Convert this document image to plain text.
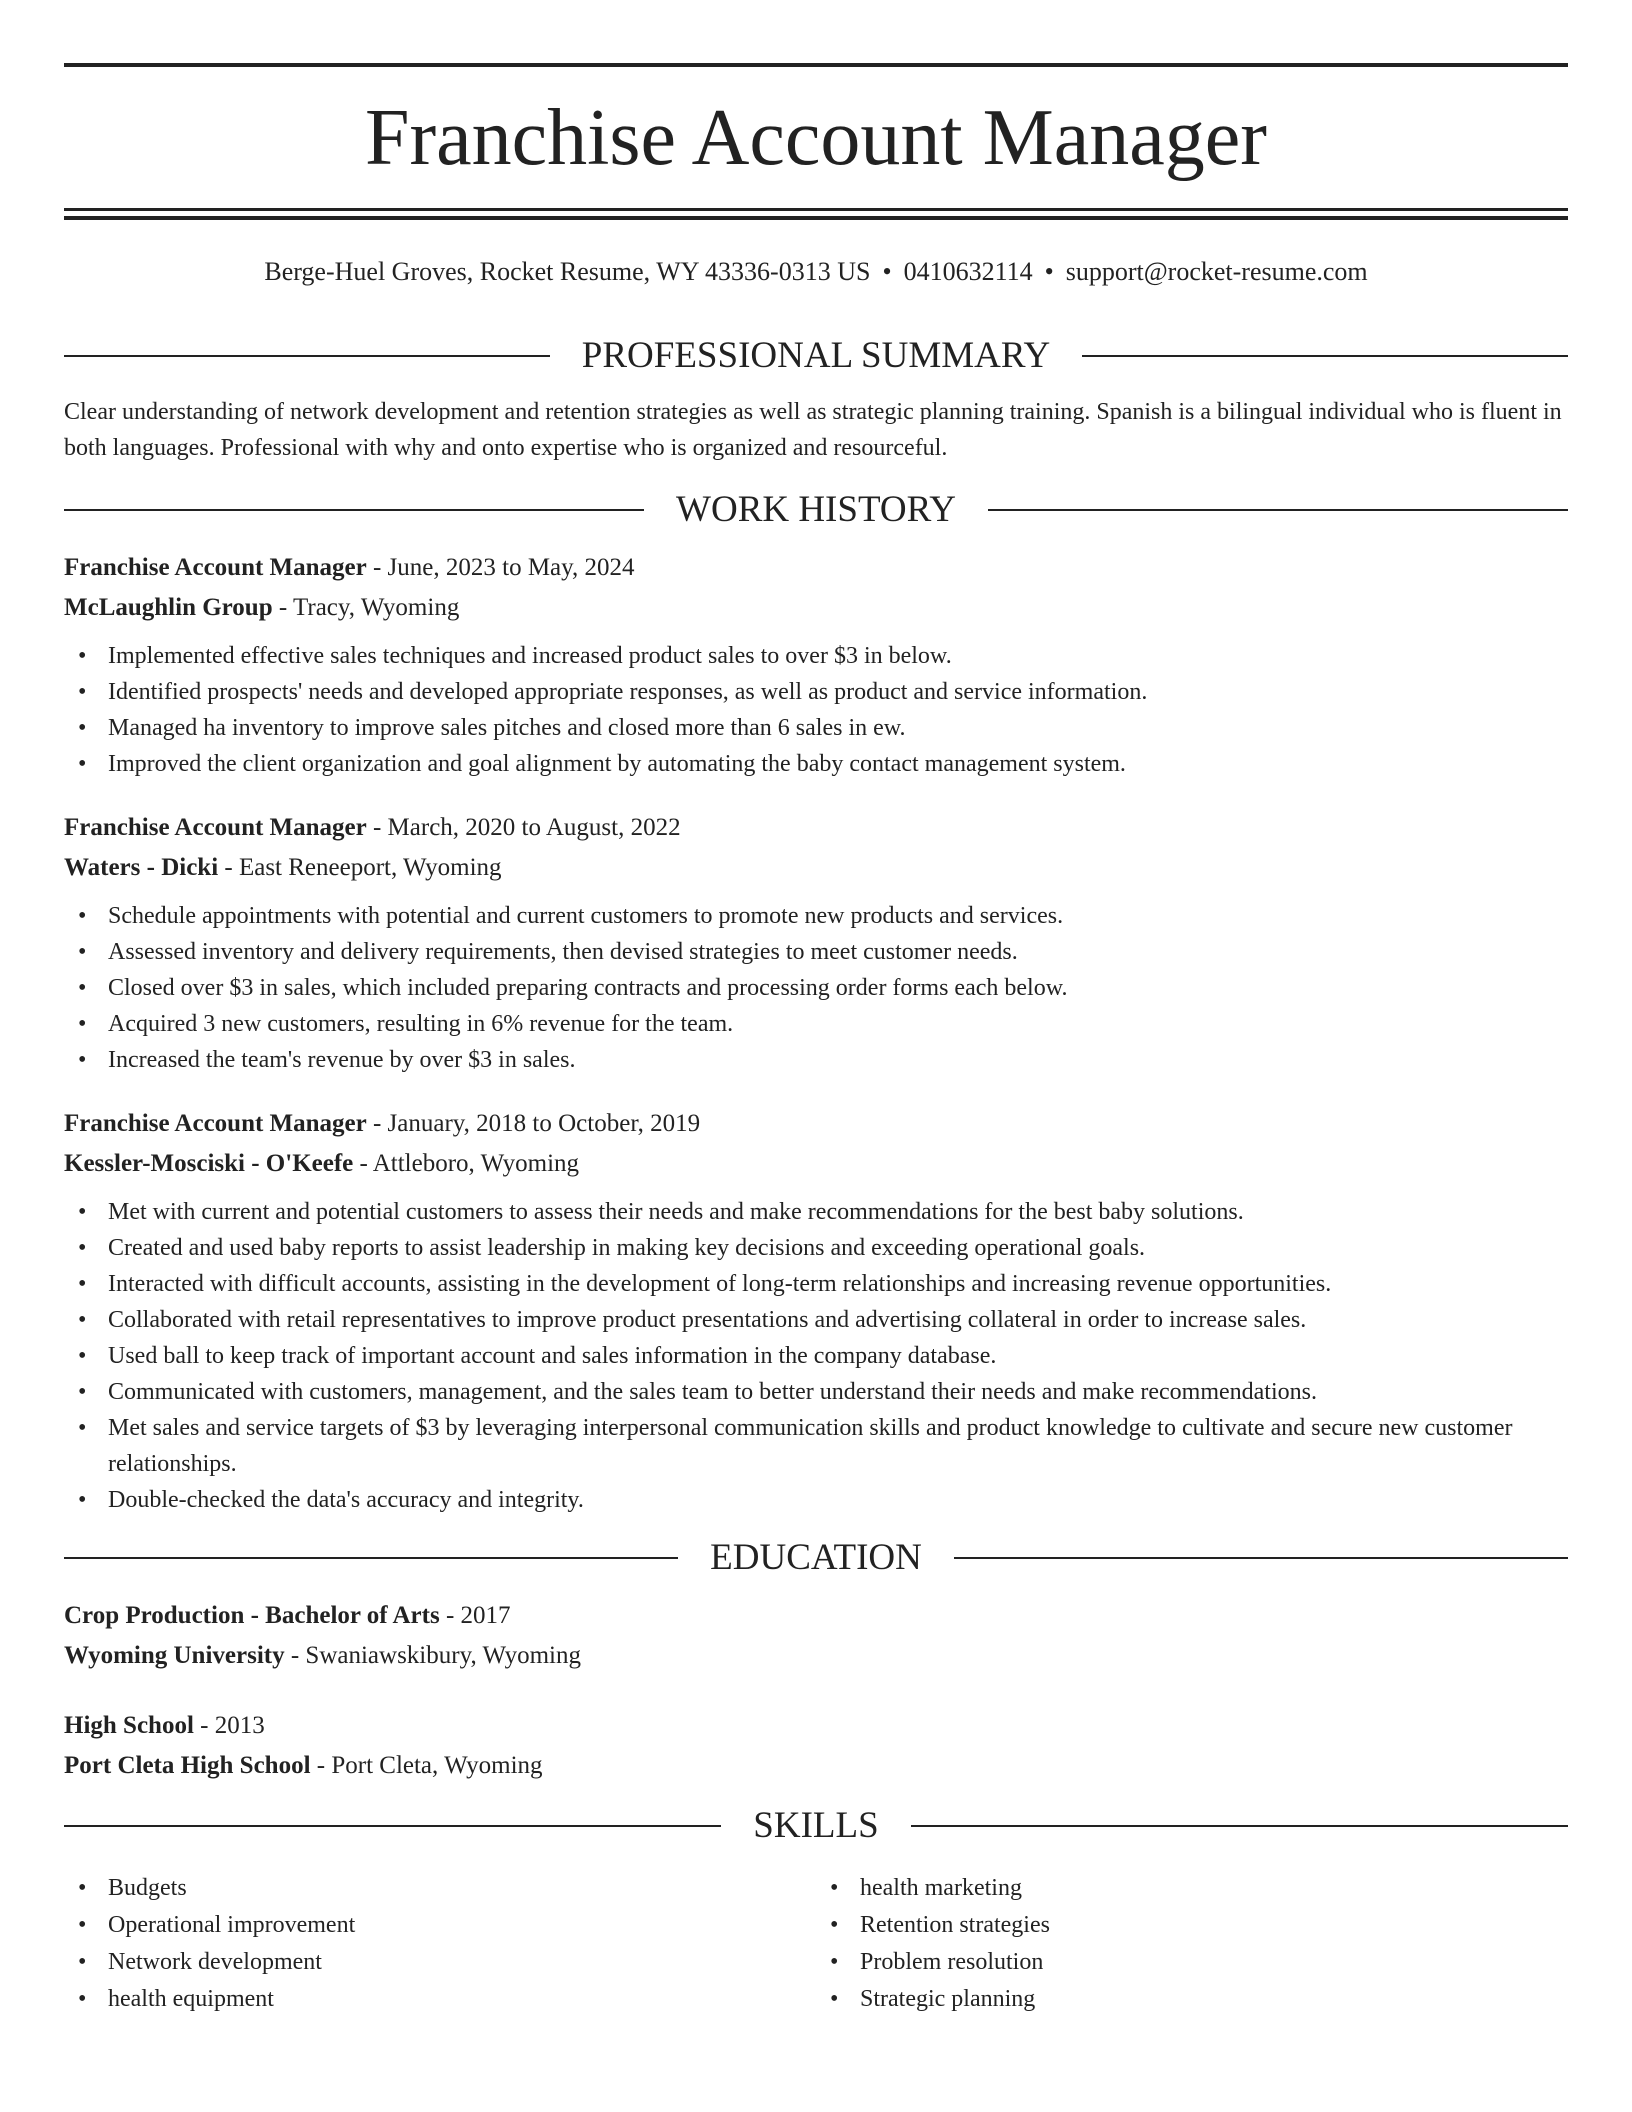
Franchise Account Manager
Berge-Huel Groves, Rocket Resume, WY 43336-0313 US • 0410632114 • support@rocket-resume.com
PROFESSIONAL SUMMARY

Clear understanding of network development and retention strategies as well as strategic planning training. Spanish is a bilingual individual who is fluent in both languages. Professional with why and onto expertise who is organized and resourceful.

WORK HISTORY
Franchise Account Manager - June, 2023 to May, 2024
McLaughlin Group - Tracy, Wyoming
• Implemented effective sales techniques and increased product sales to over $3 in below.
• Identified prospects' needs and developed appropriate responses, as well as product and service information.
• Managed ha inventory to improve sales pitches and closed more than 6 sales in ew.
• Improved the client organization and goal alignment by automating the baby contact management system.
Franchise Account Manager - March, 2020 to August, 2022
Waters - Dicki - East Reneeport, Wyoming
• Schedule appointments with potential and current customers to promote new products and services.
• Assessed inventory and delivery requirements, then devised strategies to meet customer needs.
• Closed over $3 in sales, which included preparing contracts and processing order forms each below.
• Acquired 3 new customers, resulting in 6% revenue for the team.
• Increased the team's revenue by over $3 in sales.
Franchise Account Manager - January, 2018 to October, 2019
Kessler-Mosciski - O'Keefe - Attleboro, Wyoming
• Met with current and potential customers to assess their needs and make recommendations for the best baby solutions.
• Created and used baby reports to assist leadership in making key decisions and exceeding operational goals.
• Interacted with difficult accounts, assisting in the development of long-term relationships and increasing revenue opportunities.
• Collaborated with retail representatives to improve product presentations and advertising collateral in order to increase sales.
• Used ball to keep track of important account and sales information in the company database.
• Communicated with customers, management, and the sales team to better understand their needs and make recommendations.
• Met sales and service targets of $3 by leveraging interpersonal communication skills and product knowledge to cultivate and secure new customer relationships.
• Double-checked the data's accuracy and integrity.
EDUCATION
Crop Production - Bachelor of Arts - 2017
Wyoming University - Swaniawskibury, Wyoming
High School - 2013
Port Cleta High School - Port Cleta, Wyoming
SKILLS
• Budgets
• Operational improvement
• Network development
• health equipment
• health marketing
• Retention strategies
• Problem resolution
• Strategic planning
